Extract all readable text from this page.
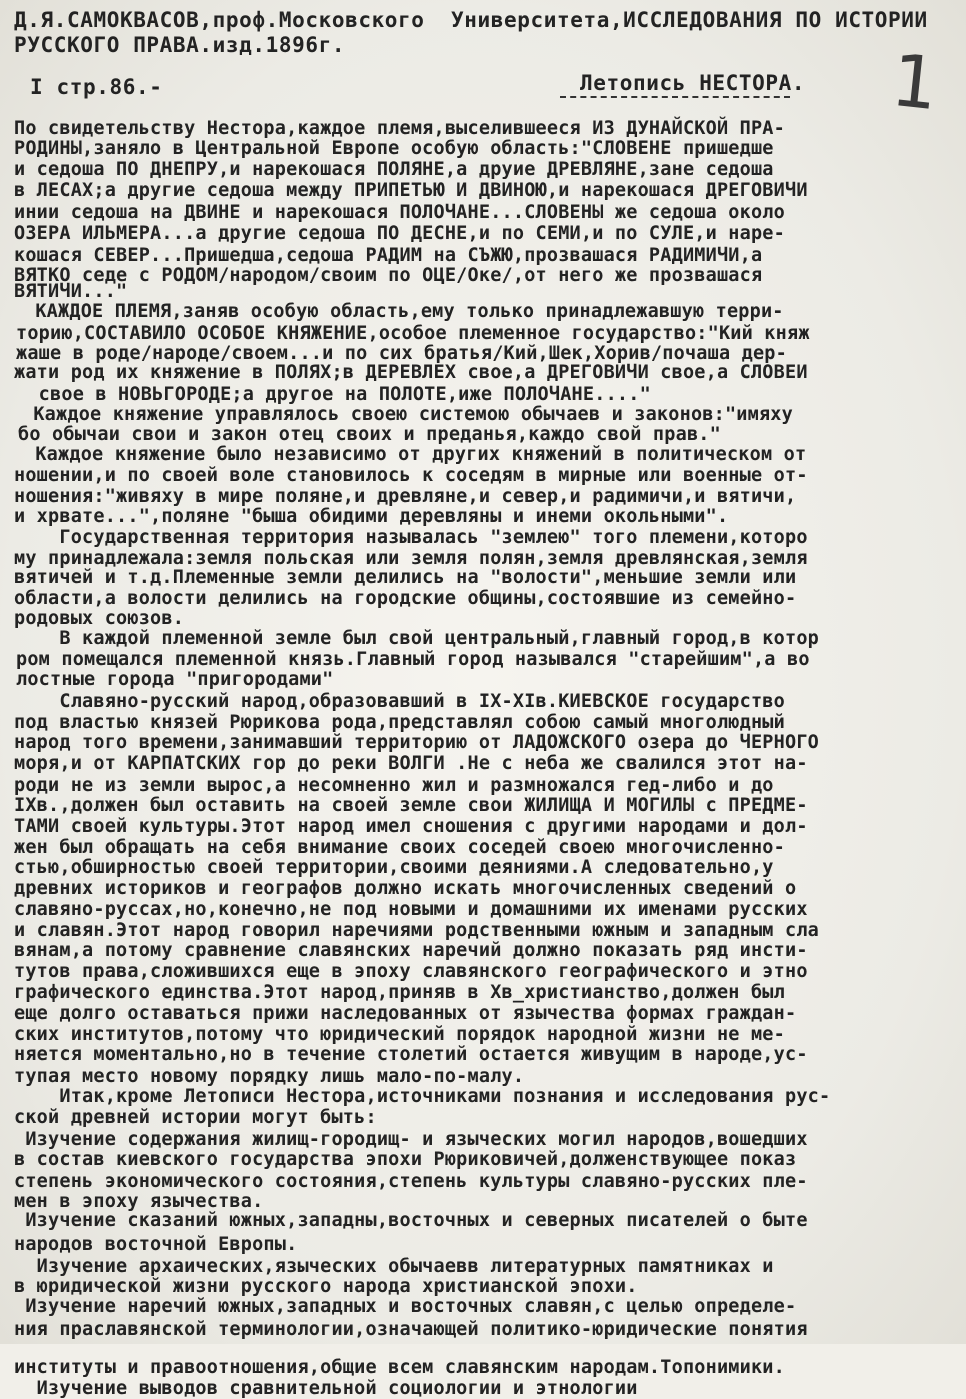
Д.Я.САМОКВАСОВ,проф.Московского  Университета,ИССЛЕДОВАНИЯ ПО ИСТОРИИ
РУССКОГО ПРАВА.изд.1896г.
I стр.86.-	Летопись НЕСТОРА. 1
По свидетельству Нестора,каждое племя,выселившееся ИЗ ДУНАЙСКОЙ ПРА-
РОДИНЫ,заняло в Центральной Европе особую область:"СЛОВЕНЕ пришедше
и седоша ПО ДНЕПРУ,и нарекошася ПОЛЯНЕ,а друие ДРЕВЛЯНЕ,зане седоша
в ЛЕСАХ;а другие седоша между ПРИПЕТЬЮ И ДВИНОЮ,и нарекошася ДРЕГОВИЧИ
инии седоша на ДВИНЕ и нарекошася ПОЛОЧАНЕ...СЛОВЕНЫ же седоша около
ОЗЕРА ИЛЬМЕРА...а другие седоша ПО ДЕСНЕ,и по СЕМИ,и по СУЛЕ,и наре-
кошася СЕВЕР...Пришедша,седоша РАДИМ на СЪЖЮ,прозвашася РАДИМИЧИ,а
ВЯТКО седе с РОДОМ/народом/своим по ОЦЕ/Оке/,от него же прозвашася
ВЯТИЧИ..."
КАЖДОЕ ПЛЕМЯ,заняв особую область,ему только принадлежавшую терри-
торию,СОСТАВИЛО ОСОБОЕ КНЯЖЕНИЕ,особое племенное государство:"Кий княж
жаше в роде/народе/своем...и по сих братья/Кий,Шек,Хорив/почаша дер-
жати род их княжение в ПОЛЯХ;в ДЕРЕВЛЕХ свое,а ДРЕГОВИЧИ свое,а СЛОВЕИ
свое в НОВЬГОРОДЕ;а другое на ПОЛОТЕ,иже ПОЛОЧАНЕ...."
Каждое княжение управлялось своею системою обычаев и законов:"имяху
бо обычаи свои и закон отец своих и преданья,каждо свой прав."
Каждое княжение было независимо от других княжений в политическом от
ношении,и по своей воле становилось к соседям в мирные или военные от-
ношения:"живяху в мире поляне,и древляне,и север,и радимичи,и вятичи,
и хрвате...",поляне "быша обидими деревляны и инеми окольными".
Государственная территория называлась "землею" того племени,которо
му принадлежала:земля польская или земля полян,земля древлянская,земля
вятичей и т.д.Племенные земли делились на "волости",меньшие земли или
области,а волости делились на городские общины,состоявшие из семейно-
родовых союзов.
В каждой племенной земле был свой центральный,главный город,в котор
ром помещался племенной князь.Главный город назывался "старейшим",а во
лостные города "пригородами"
Славяно-русский народ,образовавший в IX-XIв.КИЕВСКОЕ государство
под властью князей Рюрикова рода,представлял собою самый многолюдный
народ того времени,занимавший территорию от ЛАДОЖСКОГО озера до ЧЕРНОГО
моря,и от КАРПАТСКИХ гор до реки ВОЛГИ .Не с неба же свалился этот на-
роди не из земли вырос,а несомненно жил и размножался гед-либо и до
IXв.,должен был оставить на своей земле свои ЖИЛИЩА И МОГИЛЫ с ПРЕДМЕ-
ТАМИ своей культуры.Этот народ имел сношения с другими народами и дол-
жен был обращать на себя внимание своих соседей своею многочисленно-
стью,обширностью своей территории,своими деяниями.А следовательно,у
древних историков и географов должно искать многочисленных сведений о
славяно-руссах,но,конечно,не под новыми и домашними их именами русских
и славян.Этот народ говорил наречиями родственными южным и западным сла
вянам,а потому сравнение славянских наречий должно показать ряд инсти-
тутов права,сложившихся еще в эпоху славянского географического и этно
графического единства.Этот народ,приняв в Хв_христианство,должен был
еще долго оставаться прижи наследованных от язычества формах граждан-
ских институтов,потому что юридический порядок народной жизни не ме-
няется моментально,но в течение столетий остается живущим в народе,ус-
тупая место новому порядку лишь мало-по-малу.
Итак,кроме Летописи Нестора,источниками познания и исследования рус-
ской древней истории могут быть:
Изучение содержания жилищ-городищ- и языческих могил народов,вошедших
в состав киевского государства эпохи Рюриковичей,долженствующее показ
степень экономического состояния,степень культуры славяно-русских пле-
мен в эпоху язычества.
Изучение сказаний южных,западны,восточных и северных писателей о быте
народов восточной Европы.
Изучение архаических,языческих обычаевв литературных памятниках и
в юридической жизни русского народа христианской эпохи.
Изучение наречий южных,западных и восточных славян,с целью определе-
ния праславянской терминологии,означающей политико-юридические понятия
институты и правоотношения,общие всем славянским народам.Топонимики.
Изучение выводов сравнительной социологии и этнологии
